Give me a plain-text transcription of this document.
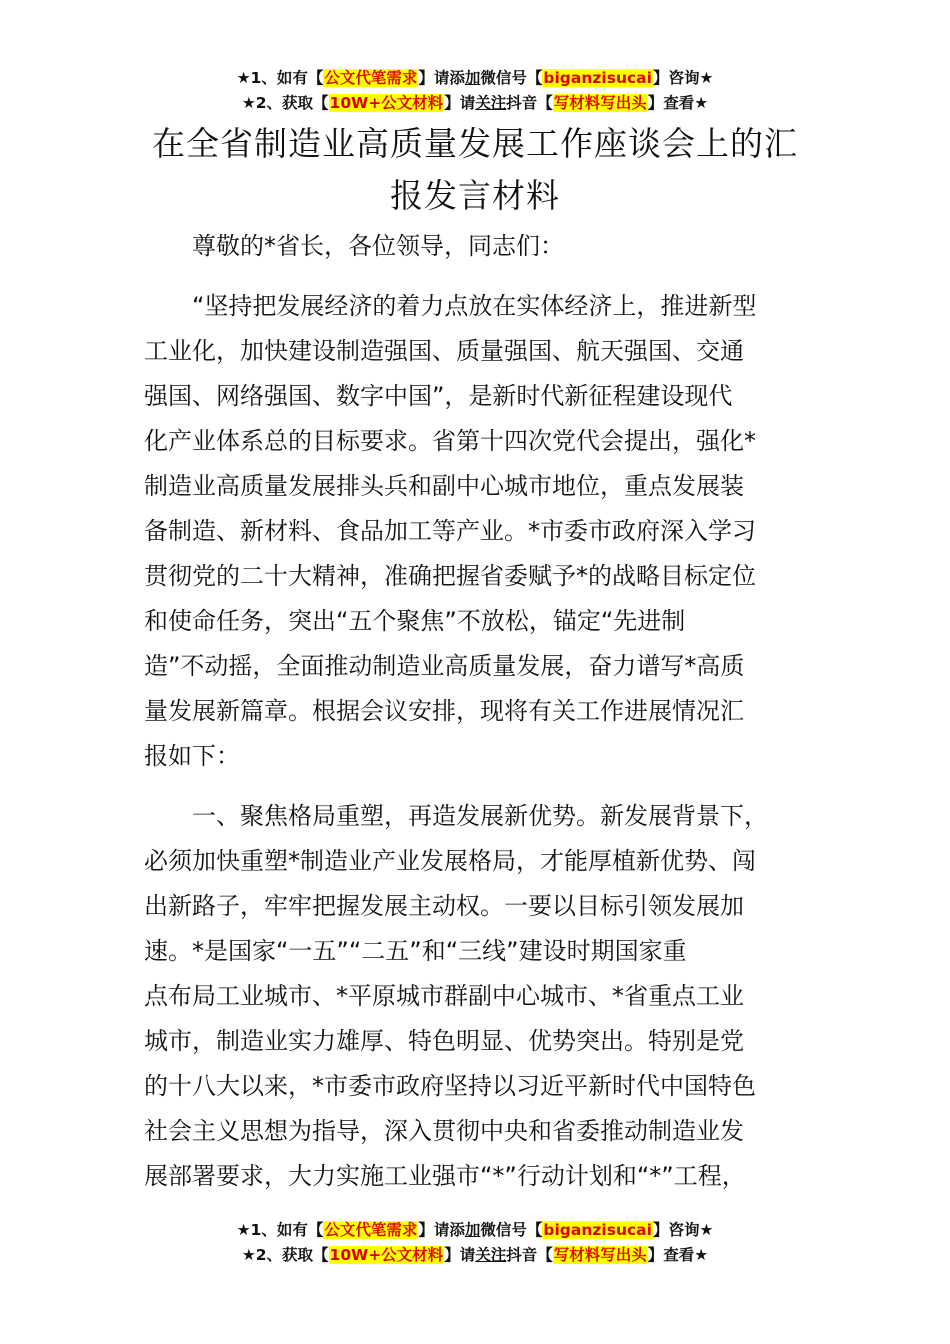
★1、如有【公文代笔需求】请添加微信号【biganzisucai】咨询★
★2、获取【10W+公文材料】请关注抖音【写材料写出头】查看★
在全省制造业高质量发展工作座谈会上的汇
报发言材料
尊敬的*省长，各位领导，同志们：
“坚持把发展经济的着力点放在实体经济上，推进新型
工业化，加快建设制造强国、质量强国、航天强国、交通
强国、网络强国、数字中国”，是新时代新征程建设现代
化产业体系总的目标要求。省第十四次党代会提出，强化*
制造业高质量发展排头兵和副中心城市地位，重点发展装
备制造、新材料、食品加工等产业。*市委市政府深入学习
贯彻党的二十大精神，准确把握省委赋予*的战略目标定位
和使命任务，突出“五个聚焦”不放松，锚定“先进制
造”不动摇，全面推动制造业高质量发展，奋力谱写*高质
量发展新篇章。根据会议安排，现将有关工作进展情况汇
报如下：
一、聚焦格局重塑，再造发展新优势。新发展背景下，
必须加快重塑*制造业产业发展格局，才能厚植新优势、闯
出新路子，牢牢把握发展主动权。一要以目标引领发展加
速。*是国家“一五”“二五”和“三线”建设时期国家重
点布局工业城市、*平原城市群副中心城市、*省重点工业
城市，制造业实力雄厚、特色明显、优势突出。特别是党
的十八大以来，*市委市政府坚持以习近平新时代中国特色
社会主义思想为指导，深入贯彻中央和省委推动制造业发
展部署要求，大力实施工业强市“*”行动计划和“*”工程，
★1、如有【公文代笔需求】请添加微信号【biganzisucai】咨询★
★2、获取【10W+公文材料】请关注抖音【写材料写出头】查看★
